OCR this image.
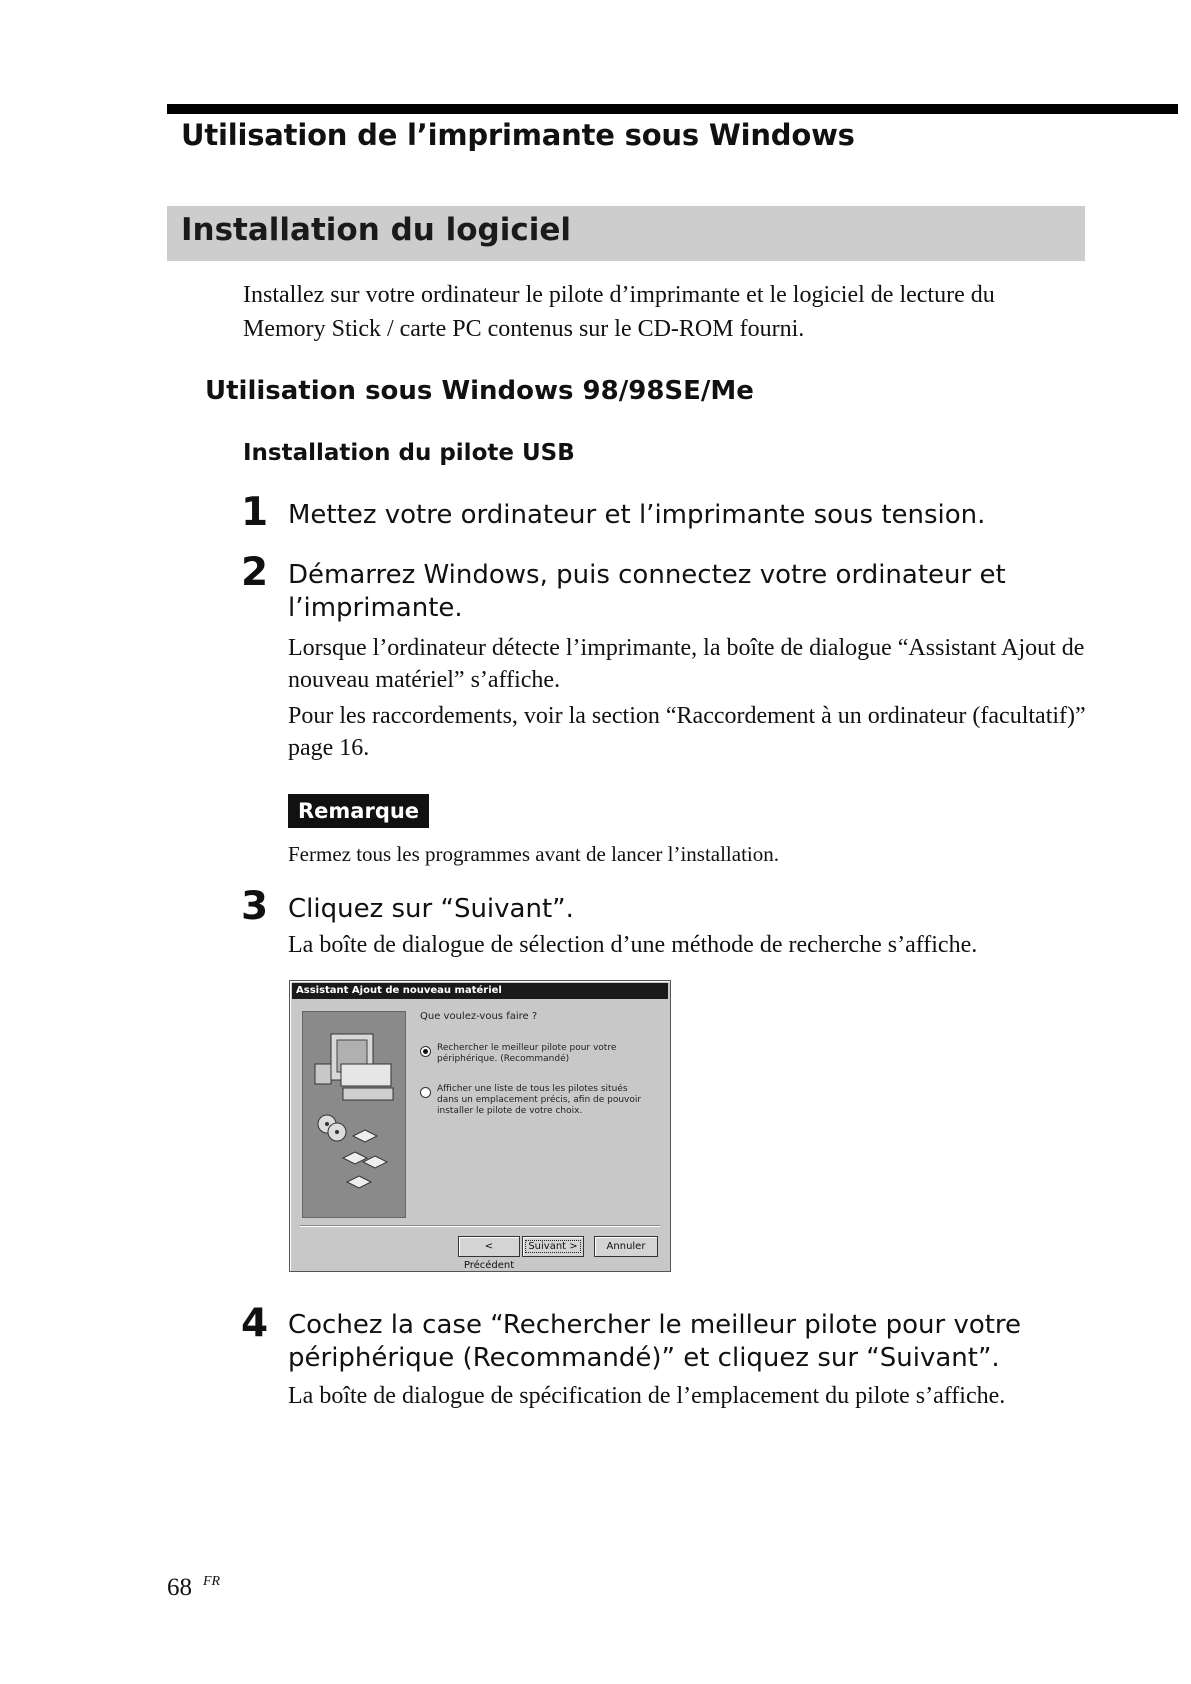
Utilisation de l’imprimante sous Windows
Installation du logiciel
Installez sur votre ordinateur le pilote d’imprimante et le logiciel de lecture du Memory Stick / carte PC contenus sur le CD-ROM fourni.
Utilisation sous Windows 98/98SE/Me
Installation du pilote USB
1 Mettez votre ordinateur et l’imprimante sous tension.
2 Démarrez Windows, puis connectez votre ordinateur et l’imprimante.
Lorsque l’ordinateur détecte l’imprimante, la boîte de dialogue “Assistant Ajout de nouveau matériel” s’affiche.
Pour les raccordements, voir la section “Raccordement à un ordinateur (facultatif)” page 16.
Remarque
Fermez tous les programmes avant de lancer l’installation.
3 Cliquez sur “Suivant”.
La boîte de dialogue de sélection d’une méthode de recherche s’affiche.
Assistant Ajout de nouveau matériel
Que voulez-vous faire ?
Rechercher le meilleur pilote pour votre périphérique. (Recommandé)
Afficher une liste de tous les pilotes situés dans un emplacement précis, afin de pouvoir installer le pilote de votre choix.
< Précédent
Suivant >	Annuler
4 Cochez la case “Rechercher le meilleur pilote pour votre périphérique (Recommandé)” et cliquez sur “Suivant”.
La boîte de dialogue de spécification de l’emplacement du pilote s’affiche.
68 FR
